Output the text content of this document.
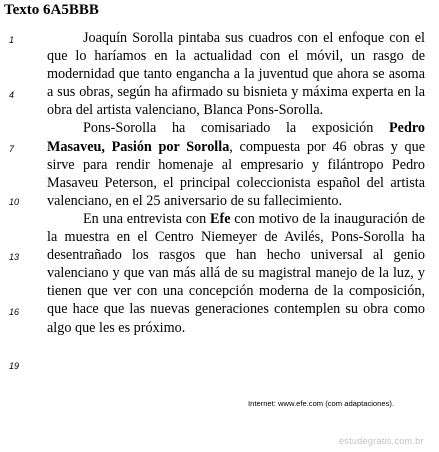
Texto 6A5BBB
1
4
7
10
13
16
19

Joaquín Sorolla pintaba sus cuadros con el enfoque con el que lo haríamos en la actualidad con el móvil, un rasgo de modernidad que tanto engancha a la juventud que ahora se asoma a sus obras, según ha afirmado su bisnieta y máxima experta en la obra del artista valenciano, Blanca Pons-Sorolla.

Pons-Sorolla ha comisariado la exposición Pedro Masaveu, Pasión por Sorolla, compuesta por 46 obras y que sirve para rendir homenaje al empresario y filántropo Pedro Masaveu Peterson, el principal coleccionista español del artista valenciano, en el 25 aniversario de su fallecimiento.

En una entrevista con Efe con motivo de la inauguración de la muestra en el Centro Niemeyer de Avilés, Pons-Sorolla ha desentrañado los rasgos que han hecho universal al genio valenciano y que van más allá de su magistral manejo de la luz, y tienen que ver con una concepción moderna de la composición, que hace que las nuevas generaciones contemplen su obra como algo que les es próximo.

Internet: www.efe.com (com adaptaciones).
estudegratis.com.br
